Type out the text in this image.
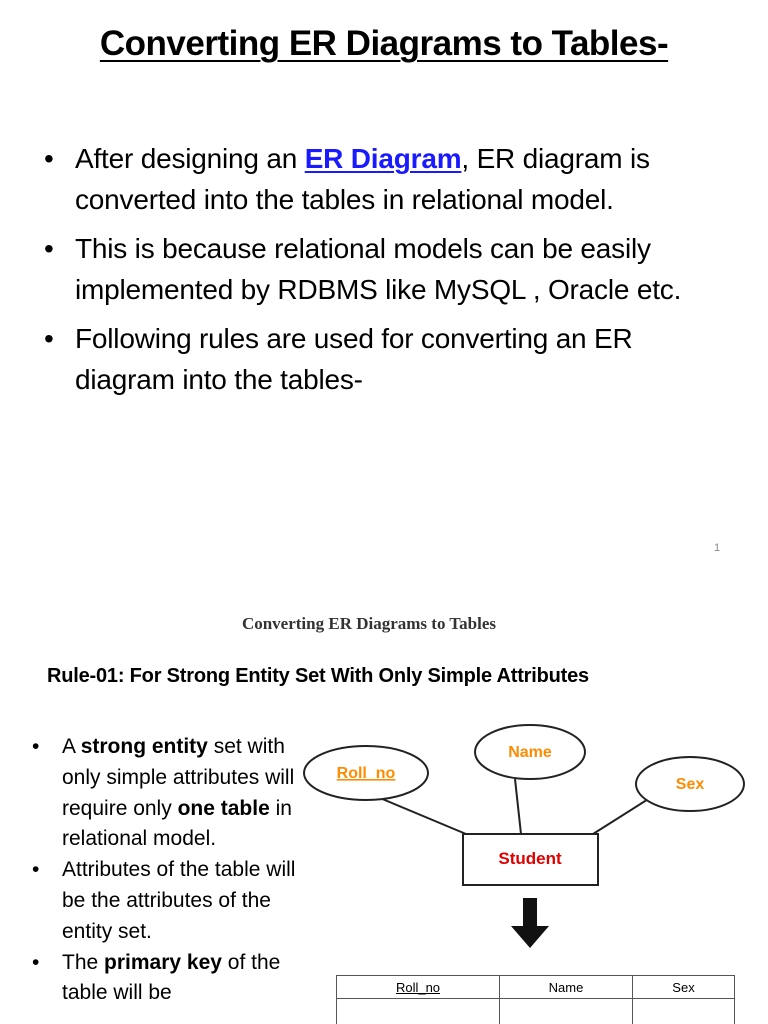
Converting ER Diagrams to Tables-
• After designing an ER Diagram, ER diagram is converted into the tables in relational model.
• This is because relational models can be easily implemented by RDBMS like MySQL , Oracle etc.
• Following rules are used for converting an ER diagram into the tables-
1
Converting ER Diagrams to Tables
Rule-01: For Strong Entity Set With Only Simple Attributes
• A strong entity set with only simple attributes will require only one table in relational model.
• Attributes of the table will be the attributes of the entity set.
• The primary key of the table will be
Roll_no
Name
Sex
Student
Roll_no	Name	Sex
